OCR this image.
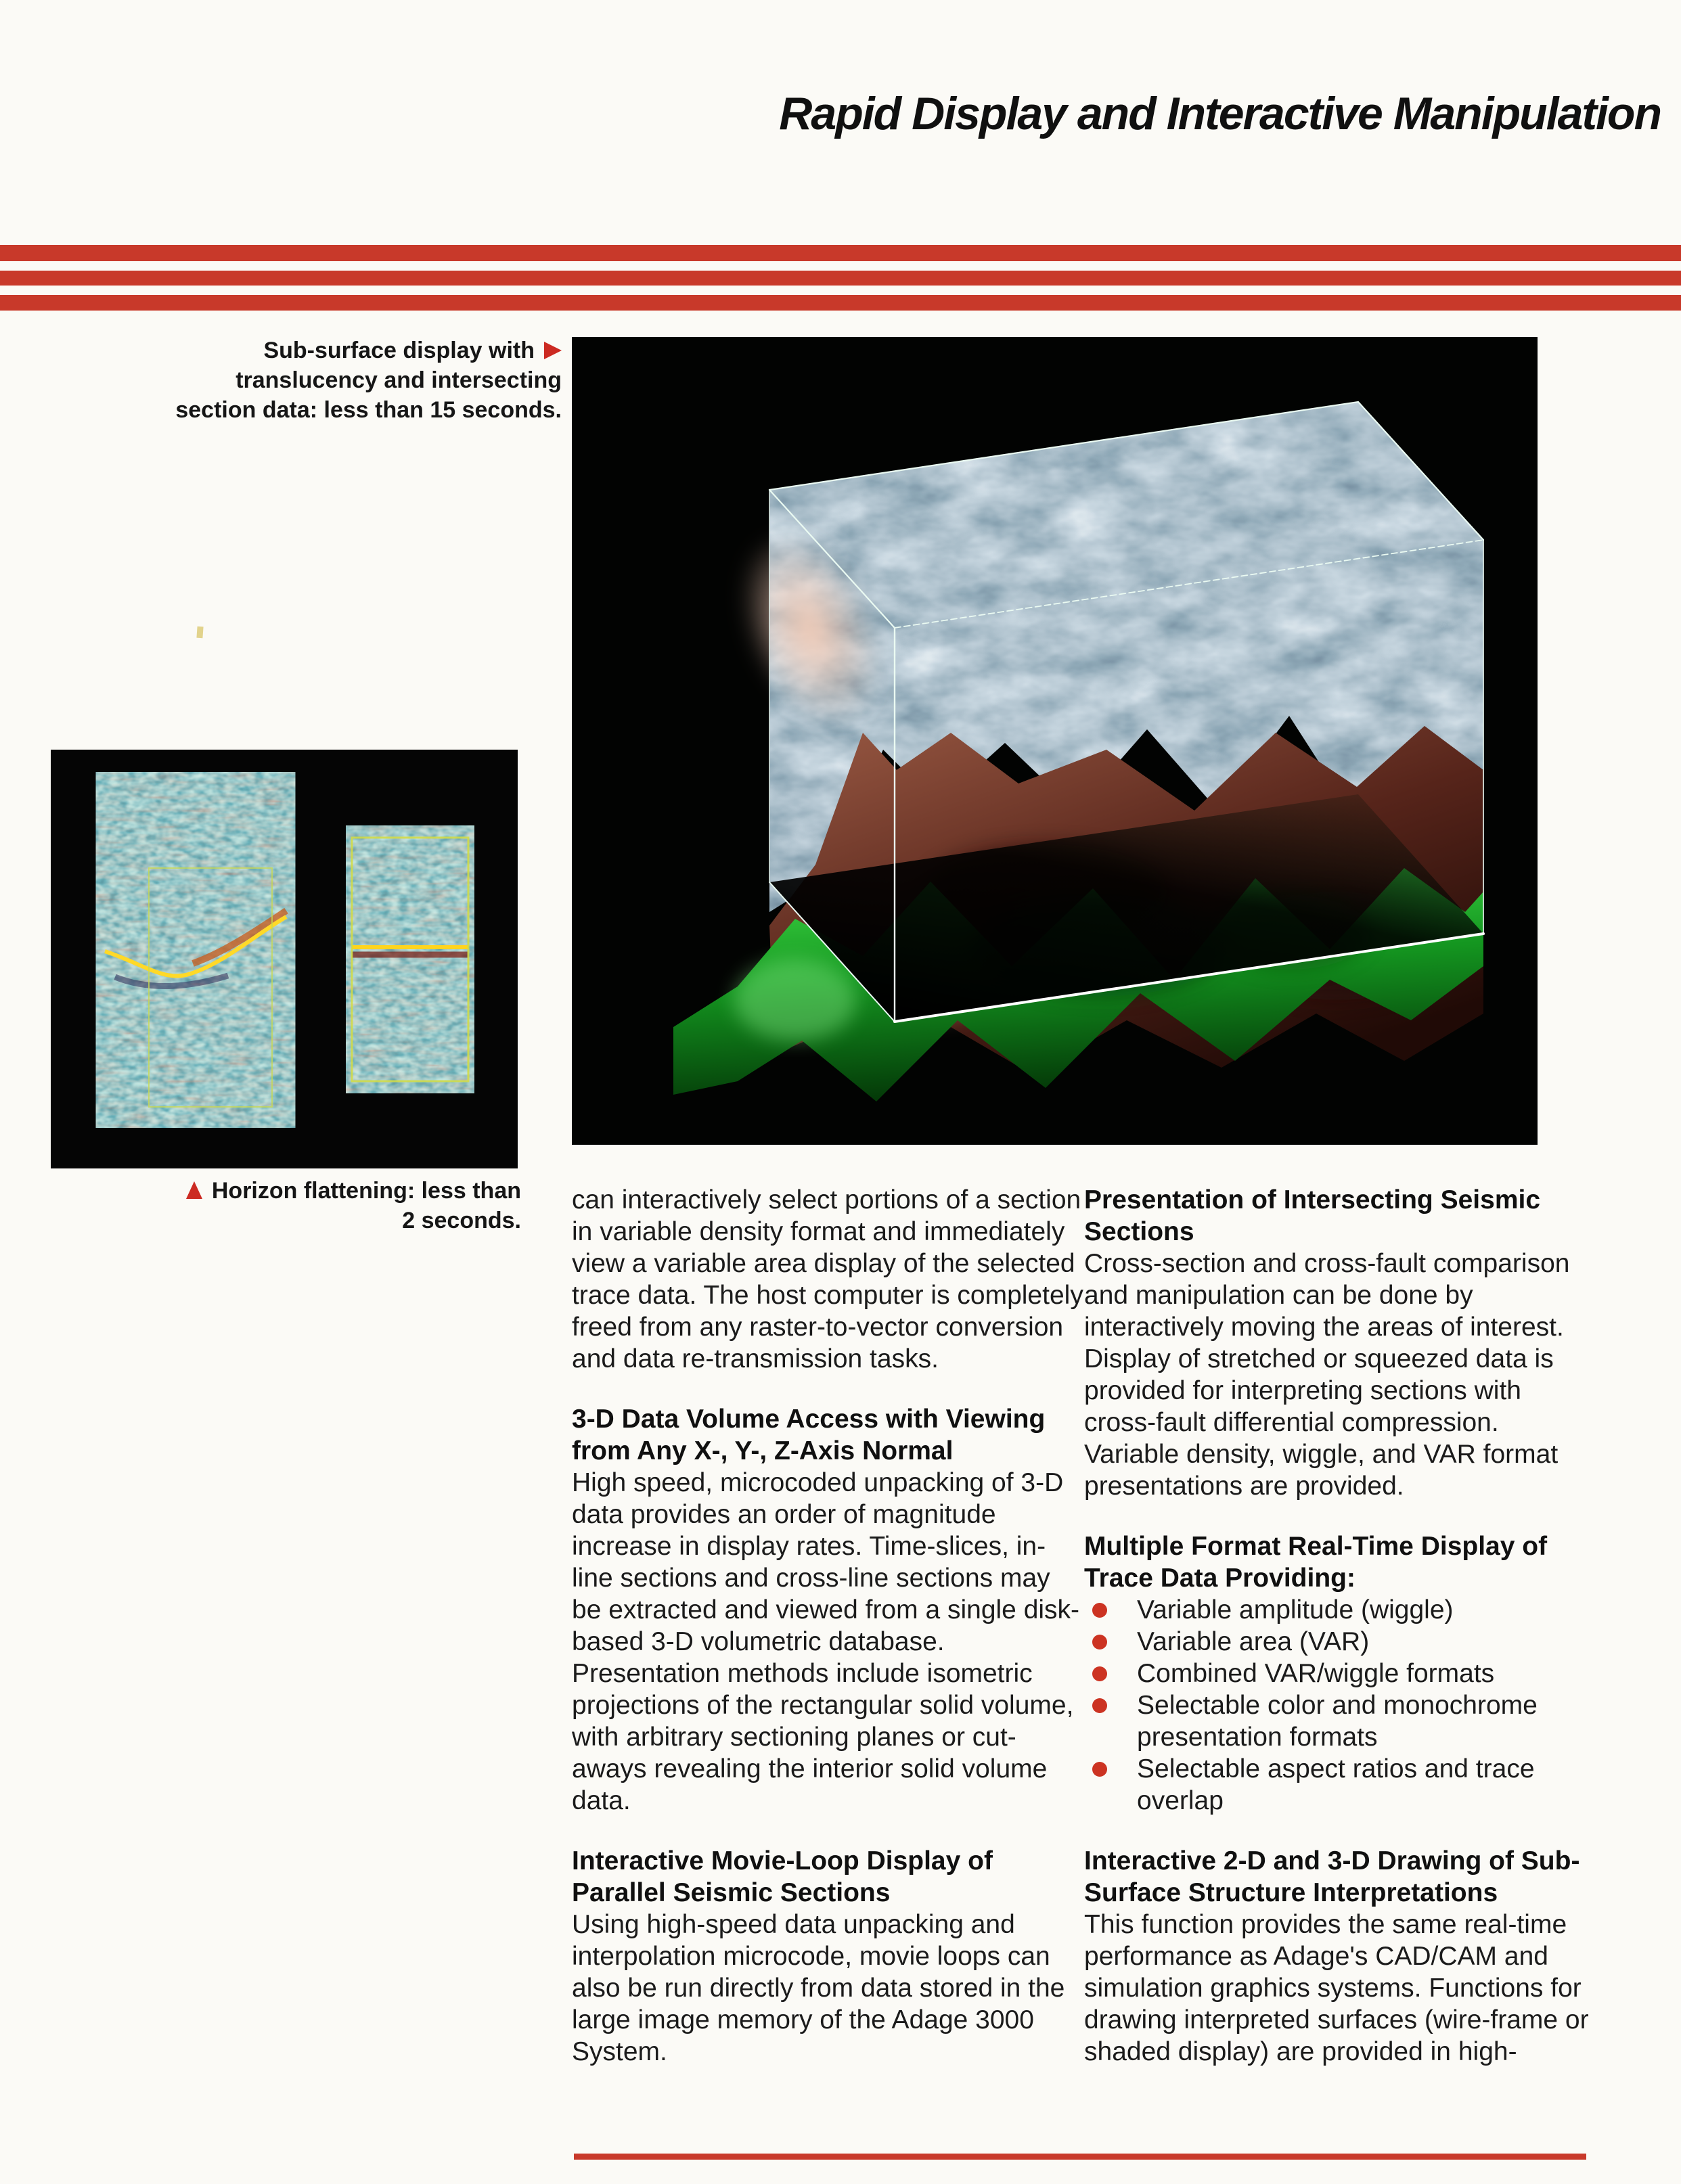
Rapid Display and Interactive Manipulation
Sub-surface display with
translucency and intersecting
section data: less than 15 seconds.
Horizon flattening: less than
2 seconds.

can interactively select portions of a section in variable density format and immediately view a variable area display of the selected trace data. The host computer is completely freed from any raster-to-vector conversion and data re-transmission tasks.

3-D Data Volume Access with Viewing from Any X-, Y-, Z-Axis Normal

High speed, microcoded unpacking of 3-D data provides an order of magnitude increase in display rates. Time-slices, in-line sections and cross-line sections may be extracted and viewed from a single disk-based 3-D volumetric database. Presentation methods include isometric projections of the rectangular solid volume, with arbitrary sectioning planes or cut-aways revealing the interior solid volume data.

Interactive Movie-Loop Display of Parallel Seismic Sections

Using high-speed data unpacking and interpolation microcode, movie loops can also be run directly from data stored in the large image memory of the Adage 3000 System.

Presentation of Intersecting Seismic Sections

Cross-section and cross-fault comparison and manipulation can be done by interactively moving the areas of interest. Display of stretched or squeezed data is provided for interpreting sections with cross-fault differential compression. Variable density, wiggle, and VAR format presentations are provided.

Multiple Format Real-Time Display of Trace Data Providing:
Variable amplitude (wiggle)
Variable area (VAR)
Combined VAR/wiggle formats
Selectable color and monochrome presentation formats
Selectable aspect ratios and trace overlap
Interactive 2-D and 3-D Drawing of Sub-Surface Structure Interpretations

This function provides the same real-time performance as Adage's CAD/CAM and simulation graphics systems. Functions for drawing interpreted surfaces (wire-frame or shaded display) are provided in high-
